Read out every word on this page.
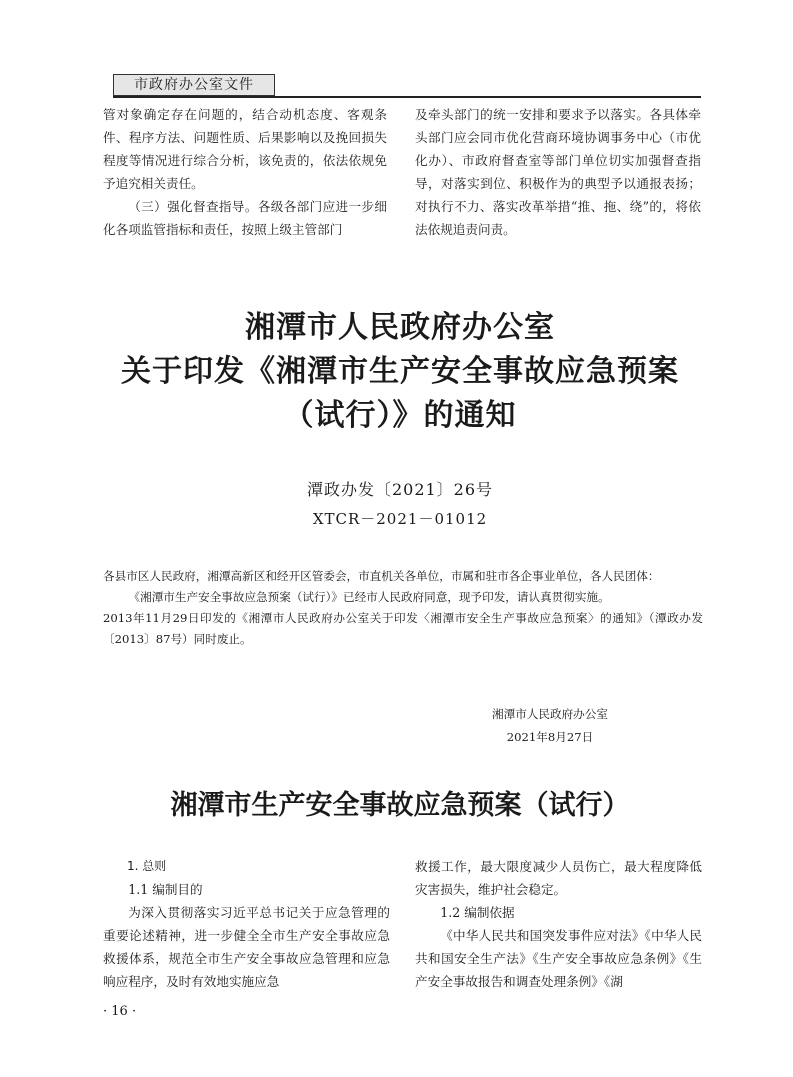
市政府办公室文件

管对象确定存在问题的，结合动机态度、客观条件、程序方法、问题性质、后果影响以及挽回损失程度等情况进行综合分析，该免责的，依法依规免予追究相关责任。

（三）强化督查指导。各级各部门应进一步细化各项监管指标和责任，按照上级主管部门

及牵头部门的统一安排和要求予以落实。各具体牵头部门应会同市优化营商环境协调事务中心（市优化办）、市政府督查室等部门单位切实加强督查指导，对落实到位、积极作为的典型予以通报表扬；对执行不力、落实改革举措“推、拖、绕”的，将依法依规追责问责。

湘潭市人民政府办公室
关于印发《湘潭市生产安全事故应急预案
（试行）》的通知
潭政办发〔2021〕26号
XTCR－2021－01012

各县市区人民政府，湘潭高新区和经开区管委会，市直机关各单位，市属和驻市各企事业单位，各人民团体：

《湘潭市生产安全事故应急预案（试行）》已经市人民政府同意，现予印发，请认真贯彻实施。

2013年11月29日印发的《湘潭市人民政府办公室关于印发〈湘潭市安全生产事故应急预案〉的通知》（潭政办发〔2013〕87号）同时废止。

湘潭市人民政府办公室
2021年8月27日
湘潭市生产安全事故应急预案（试行）

1. 总则

1.1 编制目的

为深入贯彻落实习近平总书记关于应急管理的重要论述精神，进一步健全全市生产安全事故应急救援体系，规范全市生产安全事故应急管理和应急响应程序，及时有效地实施应急

救援工作，最大限度减少人员伤亡，最大程度降低灾害损失，维护社会稳定。

1.2 编制依据

《中华人民共和国突发事件应对法》《中华人民共和国安全生产法》《生产安全事故应急条例》《生产安全事故报告和调查处理条例》《湖

· 16 ·
